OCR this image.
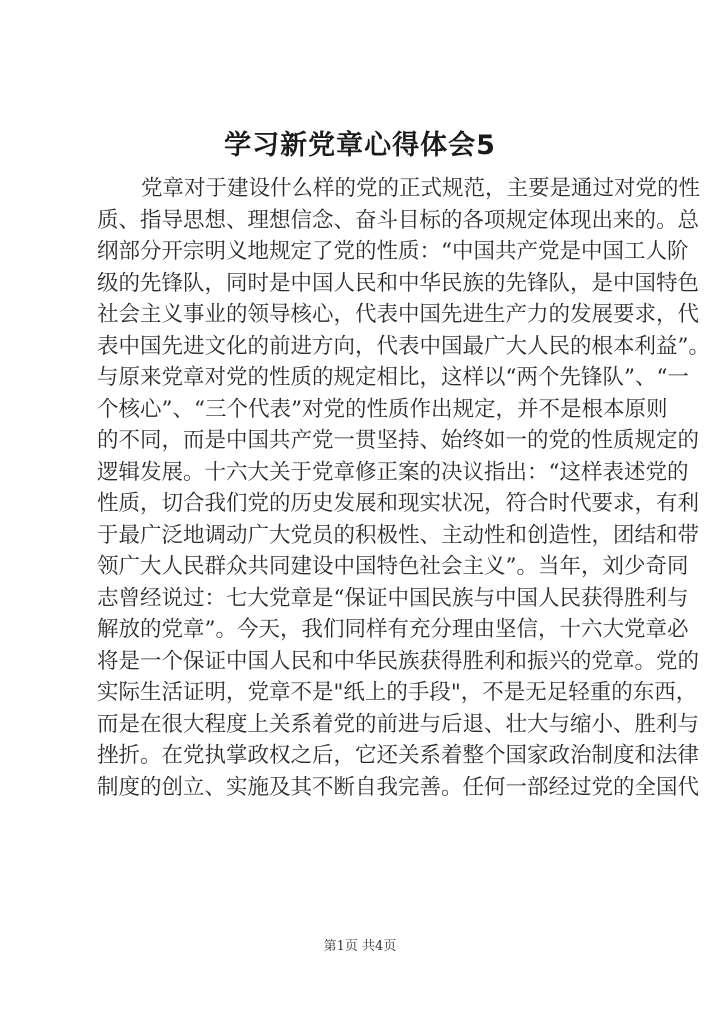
学习新党章心得体会5
党章对于建设什么样的党的正式规范，主要是通过对党的性
质、指导思想、理想信念、奋斗目标的各项规定体现出来的。总
纲部分开宗明义地规定了党的性质：“中国共产党是中国工人阶
级的先锋队，同时是中国人民和中华民族的先锋队，是中国特色
社会主义事业的领导核心，代表中国先进生产力的发展要求，代
表中国先进文化的前进方向，代表中国最广大人民的根本利益”。
与原来党章对党的性质的规定相比，这样以“两个先锋队”、“一
个核心”、“三个代表”对党的性质作出规定，并不是根本原则
的不同，而是中国共产党一贯坚持、始终如一的党的性质规定的
逻辑发展。十六大关于党章修正案的决议指出：“这样表述党的
性质，切合我们党的历史发展和现实状况，符合时代要求，有利
于最广泛地调动广大党员的积极性、主动性和创造性，团结和带
领广大人民群众共同建设中国特色社会主义”。当年，刘少奇同
志曾经说过：七大党章是“保证中国民族与中国人民获得胜利与
解放的党章”。今天，我们同样有充分理由坚信，十六大党章必
将是一个保证中国人民和中华民族获得胜利和振兴的党章。党的
实际生活证明，党章不是"纸上的手段"，不是无足轻重的东西，
而是在很大程度上关系着党的前进与后退、壮大与缩小、胜利与
挫折。在党执掌政权之后，它还关系着整个国家政治制度和法律
制度的创立、实施及其不断自我完善。任何一部经过党的全国代
第1页 共4页
